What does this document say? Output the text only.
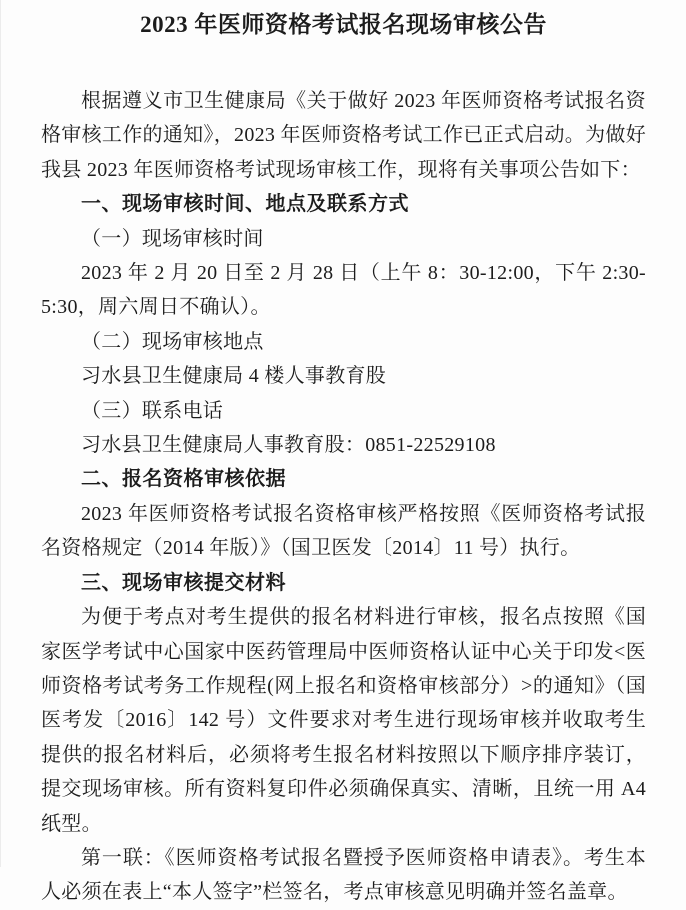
2023 年医师资格考试报名现场审核公告

根据遵义市卫生健康局《关于做好 2023 年医师资格考试报名资格审核工作的通知》，2023 年医师资格考试工作已正式启动。为做好我县 2023 年医师资格考试现场审核工作，现将有关事项公告如下：

一、现场审核时间、地点及联系方式

（一）现场审核时间

2023 年 2 月 20 日至 2 月 28 日（上午 8：30-12:00，下午 2:30-5:30，周六周日不确认）。

（二）现场审核地点

习水县卫生健康局 4 楼人事教育股

（三）联系电话

习水县卫生健康局人事教育股：0851-22529108

二、报名资格审核依据

2023 年医师资格考试报名资格审核严格按照《医师资格考试报名资格规定（2014 年版）》（国卫医发〔2014〕11 号）执行。

三、现场审核提交材料

为便于考点对考生提供的报名材料进行审核，报名点按照《国家医学考试中心国家中医药管理局中医师资格认证中心关于印发<医师资格考试考务工作规程(网上报名和资格审核部分）>的通知》（国医考发〔2016〕142 号）文件要求对考生进行现场审核并收取考生提供的报名材料后，必须将考生报名材料按照以下顺序排序装订，提交现场审核。所有资料复印件必须确保真实、清晰，且统一用 A4 纸型。

第一联：《医师资格考试报名暨授予医师资格申请表》。考生本人必须在表上“本人签字”栏签名，考点审核意见明确并签名盖章。
